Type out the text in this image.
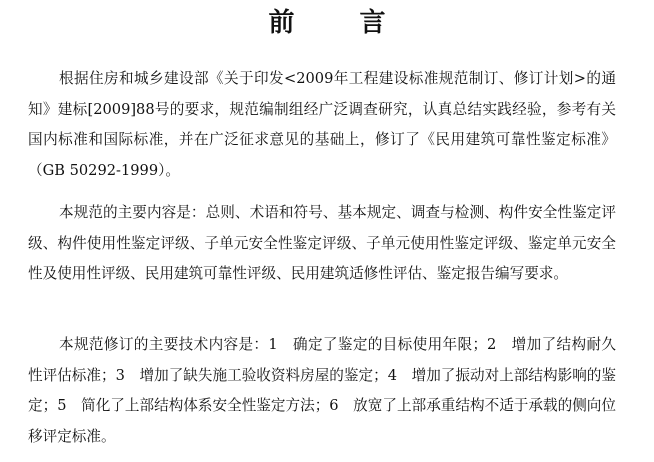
前 言

根据住房和城乡建设部《关于印发<2009年工程建设标准规范制订、修订计划>的通知》建标[2009]88号的要求，规范编制组经广泛调查研究，认真总结实践经验，参考有关国内标准和国际标准，并在广泛征求意见的基础上，修订了《民用建筑可靠性鉴定标准》（GB 50292-1999）。

本规范的主要内容是：总则、术语和符号、基本规定、调查与检测、构件安全性鉴定评级、构件使用性鉴定评级、子单元安全性鉴定评级、子单元使用性鉴定评级、鉴定单元安全性及使用性评级、民用建筑可靠性评级、民用建筑适修性评估、鉴定报告编写要求。

本规范修订的主要技术内容是：1　确定了鉴定的目标使用年限；2　增加了结构耐久性评估标准；3　增加了缺失施工验收资料房屋的鉴定；4　增加了振动对上部结构影响的鉴定；5　简化了上部结构体系安全性鉴定方法；6　放宽了上部承重结构不适于承载的侧向位移评定标准。
